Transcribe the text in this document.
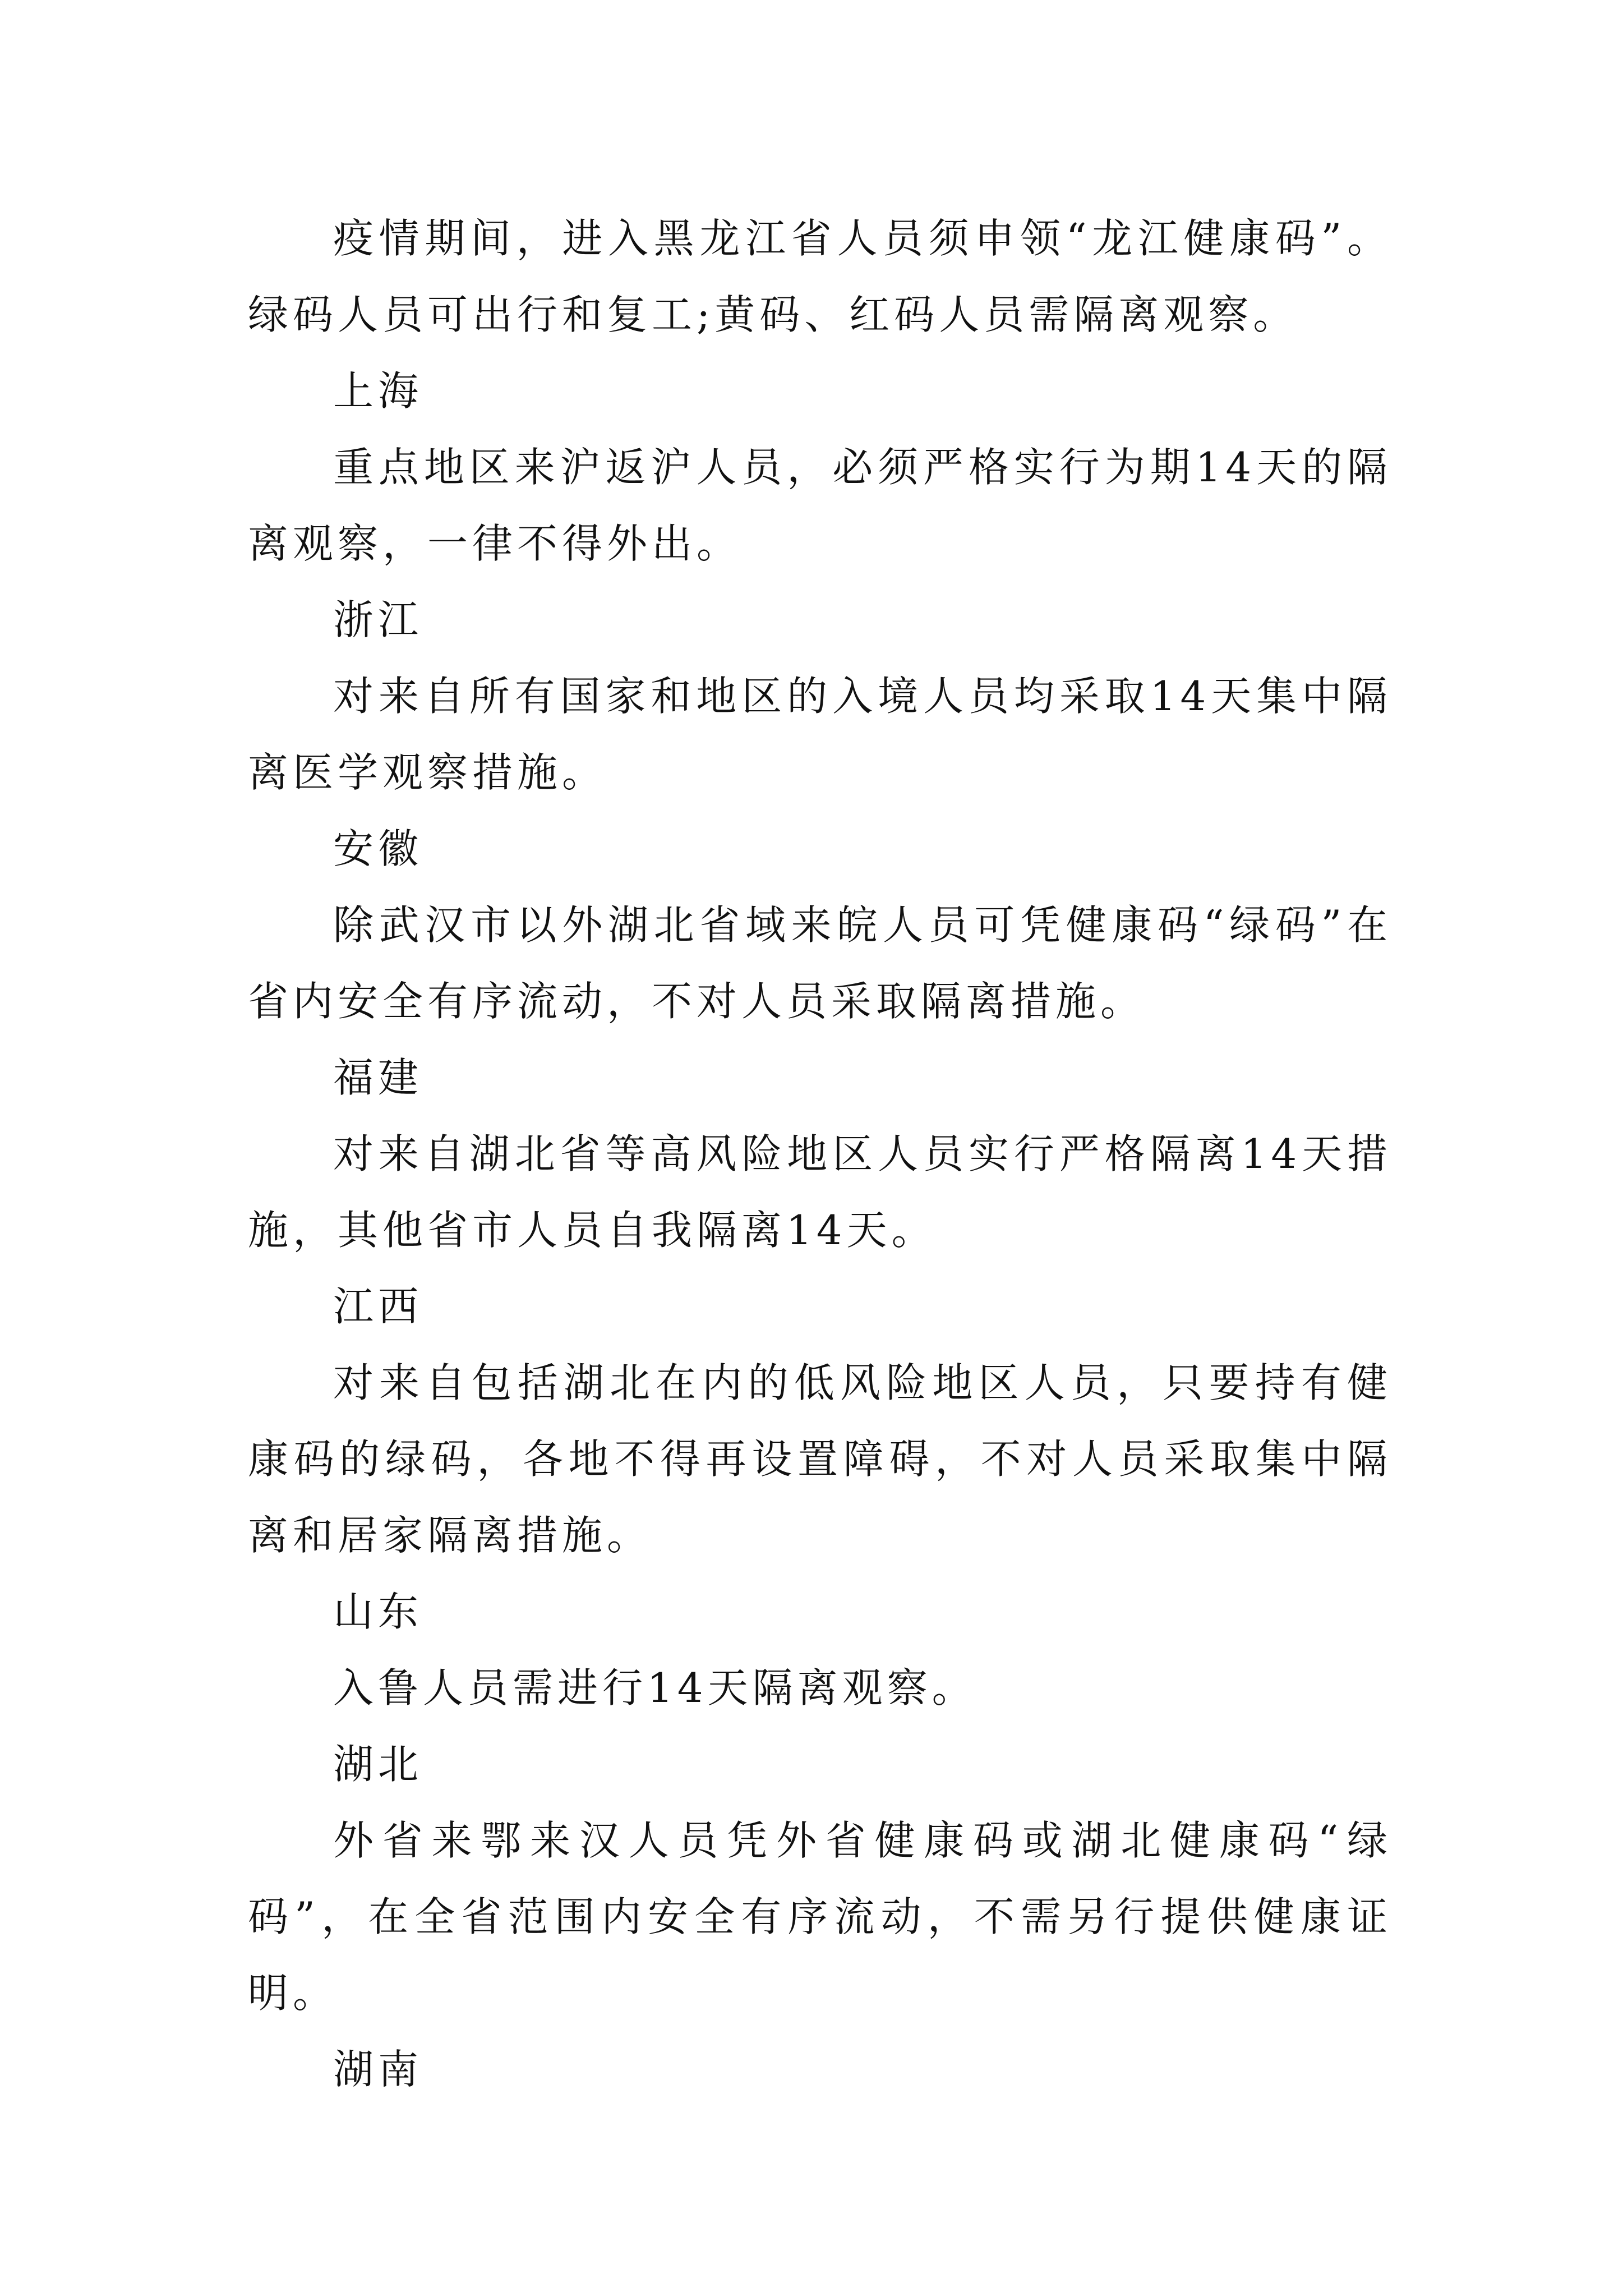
疫情期间，进入黑龙江省人员须申领“龙江健康码”。绿码人员可出行和复工;黄码、红码人员需隔离观察。

上海

重点地区来沪返沪人员，必须严格实行为期14天的隔离观察，一律不得外出。

浙江

对来自所有国家和地区的入境人员均采取14天集中隔离医学观察措施。

安徽

除武汉市以外湖北省域来皖人员可凭健康码“绿码”在省内安全有序流动，不对人员采取隔离措施。

福建

对来自湖北省等高风险地区人员实行严格隔离14天措施，其他省市人员自我隔离14天。

江西

对来自包括湖北在内的低风险地区人员，只要持有健康码的绿码，各地不得再设置障碍，不对人员采取集中隔离和居家隔离措施。

山东

入鲁人员需进行14天隔离观察。

湖北

外省来鄂来汉人员凭外省健康码或湖北健康码“绿码”，在全省范围内安全有序流动，不需另行提供健康证明。

湖南
